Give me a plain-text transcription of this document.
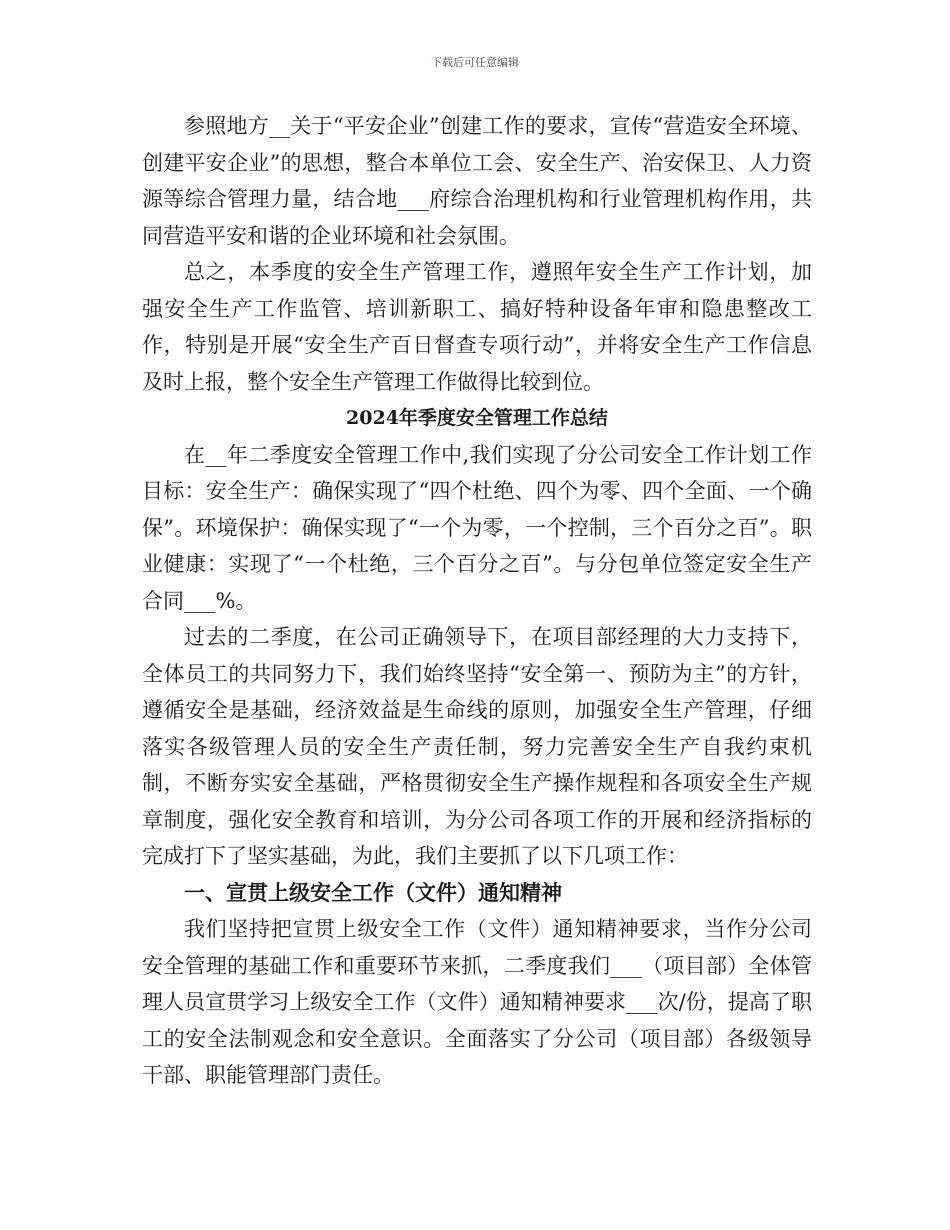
下载后可任意编辑

参照地方__关于“平安企业”创建工作的要求，宣传“营造安全环境、创建平安企业”的思想，整合本单位工会、安全生产、治安保卫、人力资源等综合管理力量，结合地___府综合治理机构和行业管理机构作用，共同营造平安和谐的企业环境和社会氛围。

总之，本季度的安全生产管理工作，遵照年安全生产工作计划，加强安全生产工作监管、培训新职工、搞好特种设备年审和隐患整改工作，特别是开展“安全生产百日督查专项行动”，并将安全生产工作信息及时上报，整个安全生产管理工作做得比较到位。

2024年季度安全管理工作总结

在__年二季度安全管理工作中,我们实现了分公司安全工作计划工作目标：安全生产：确保实现了“四个杜绝、四个为零、四个全面、一个确保”。环境保护：确保实现了“一个为零，一个控制，三个百分之百”。职业健康：实现了“一个杜绝，三个百分之百”。与分包单位签定安全生产合同___%。

过去的二季度，在公司正确领导下，在项目部经理的大力支持下，全体员工的共同努力下，我们始终坚持“安全第一、预防为主”的方针，遵循安全是基础，经济效益是生命线的原则，加强安全生产管理，仔细落实各级管理人员的安全生产责任制，努力完善安全生产自我约束机制，不断夯实安全基础，严格贯彻安全生产操作规程和各项安全生产规章制度，强化安全教育和培训，为分公司各项工作的开展和经济指标的完成打下了坚实基础，为此，我们主要抓了以下几项工作：

一、宣贯上级安全工作（文件）通知精神

我们坚持把宣贯上级安全工作（文件）通知精神要求，当作分公司安全管理的基础工作和重要环节来抓，二季度我们___（项目部）全体管理人员宣贯学习上级安全工作（文件）通知精神要求___次/份，提高了职工的安全法制观念和安全意识。全面落实了分公司（项目部）各级领导干部、职能管理部门责任。
